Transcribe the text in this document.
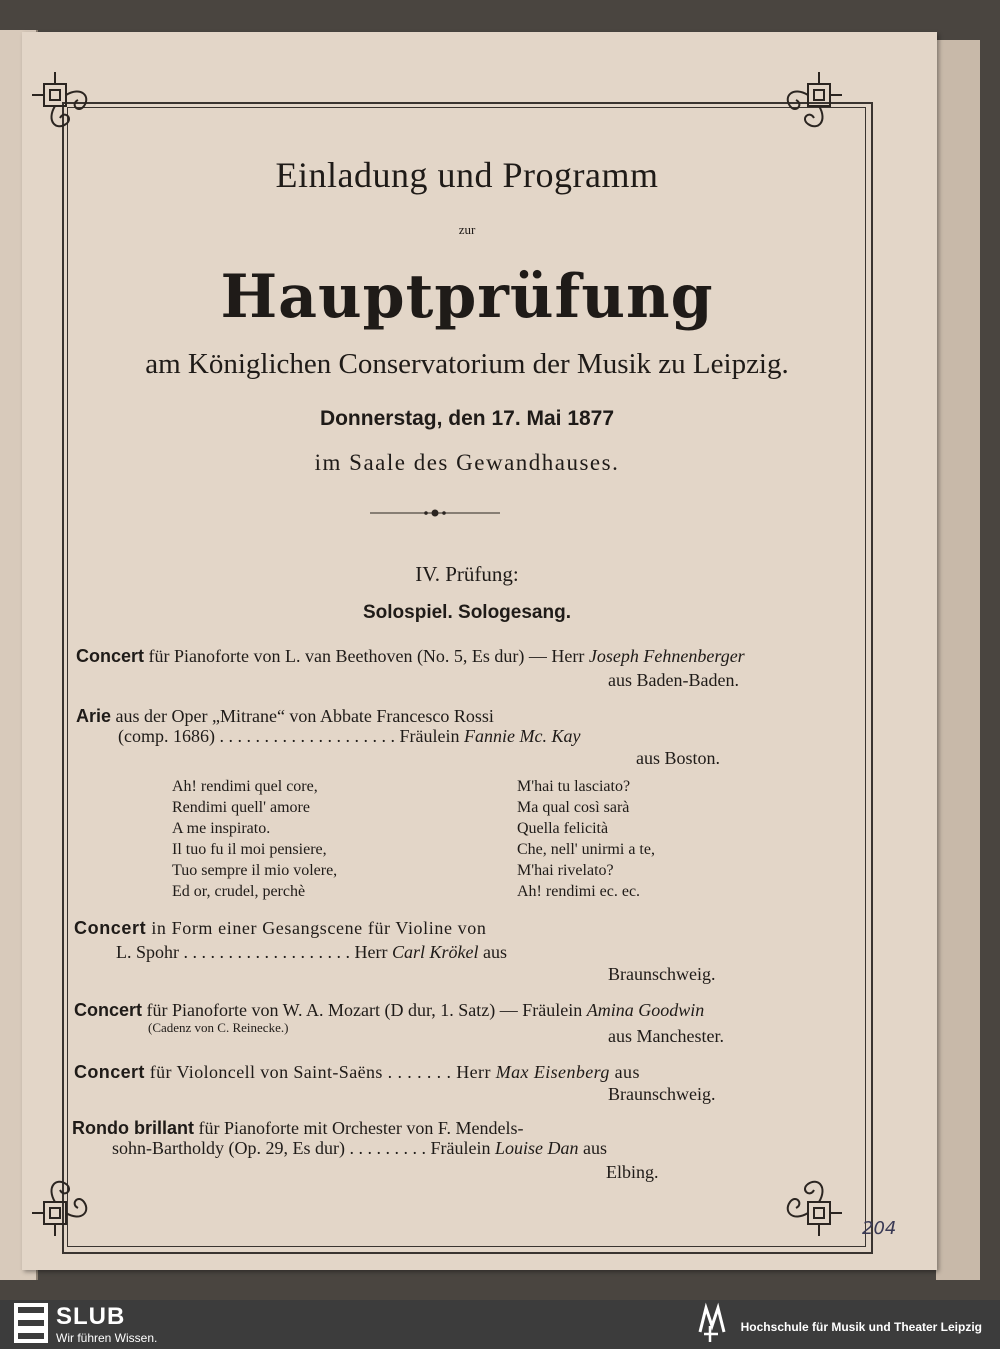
Einladung und Programm
zur
Hauptprüfung
am Königlichen Conservatorium der Musik zu Leipzig.
Donnerstag, den 17. Mai 1877
im Saale des Gewandhauses.
IV. Prüfung:
Solospiel. Sologesang.
Concert für Pianoforte von L. van Beethoven (No. 5, Es dur) — Herr Joseph Fehnenberger
aus Baden-Baden.
Arie aus der Oper „Mitrane“ von Abbate Francesco Rossi
(comp. 1686) . . . . . . . . . . . . . . . . . . . . Fräulein Fannie Mc. Kay
aus Boston.
Ah! rendimi quel core,
Rendimi quell' amore
A me inspirato.
Il tuo fu il moi pensiere,
Tuo sempre il mio volere,
Ed or, crudel, perchè
M'hai tu lasciato?
Ma qual così sarà
Quella felicità
Che, nell' unirmi a te,
M'hai rivelato?
Ah! rendimi ec. ec.
Concert in Form einer Gesangscene für Violine von
L. Spohr . . . . . . . . . . . . . . . . . . . Herr Carl Krökel aus
Braunschweig.
Concert für Pianoforte von W. A. Mozart (D dur, 1. Satz) — Fräulein Amina Goodwin
(Cadenz von C. Reinecke.)	aus Manchester.
Concert für Violoncell von Saint-Saëns . . . . . . . Herr Max Eisenberg aus
Braunschweig.
Rondo brillant für Pianoforte mit Orchester von F. Mendels-
sohn-Bartholdy (Op. 29, Es dur) . . . . . . . . . Fräulein Louise Dan aus
Elbing.
204
SLUB
Wir führen Wissen.
Hochschule für Musik und Theater Leipzig
